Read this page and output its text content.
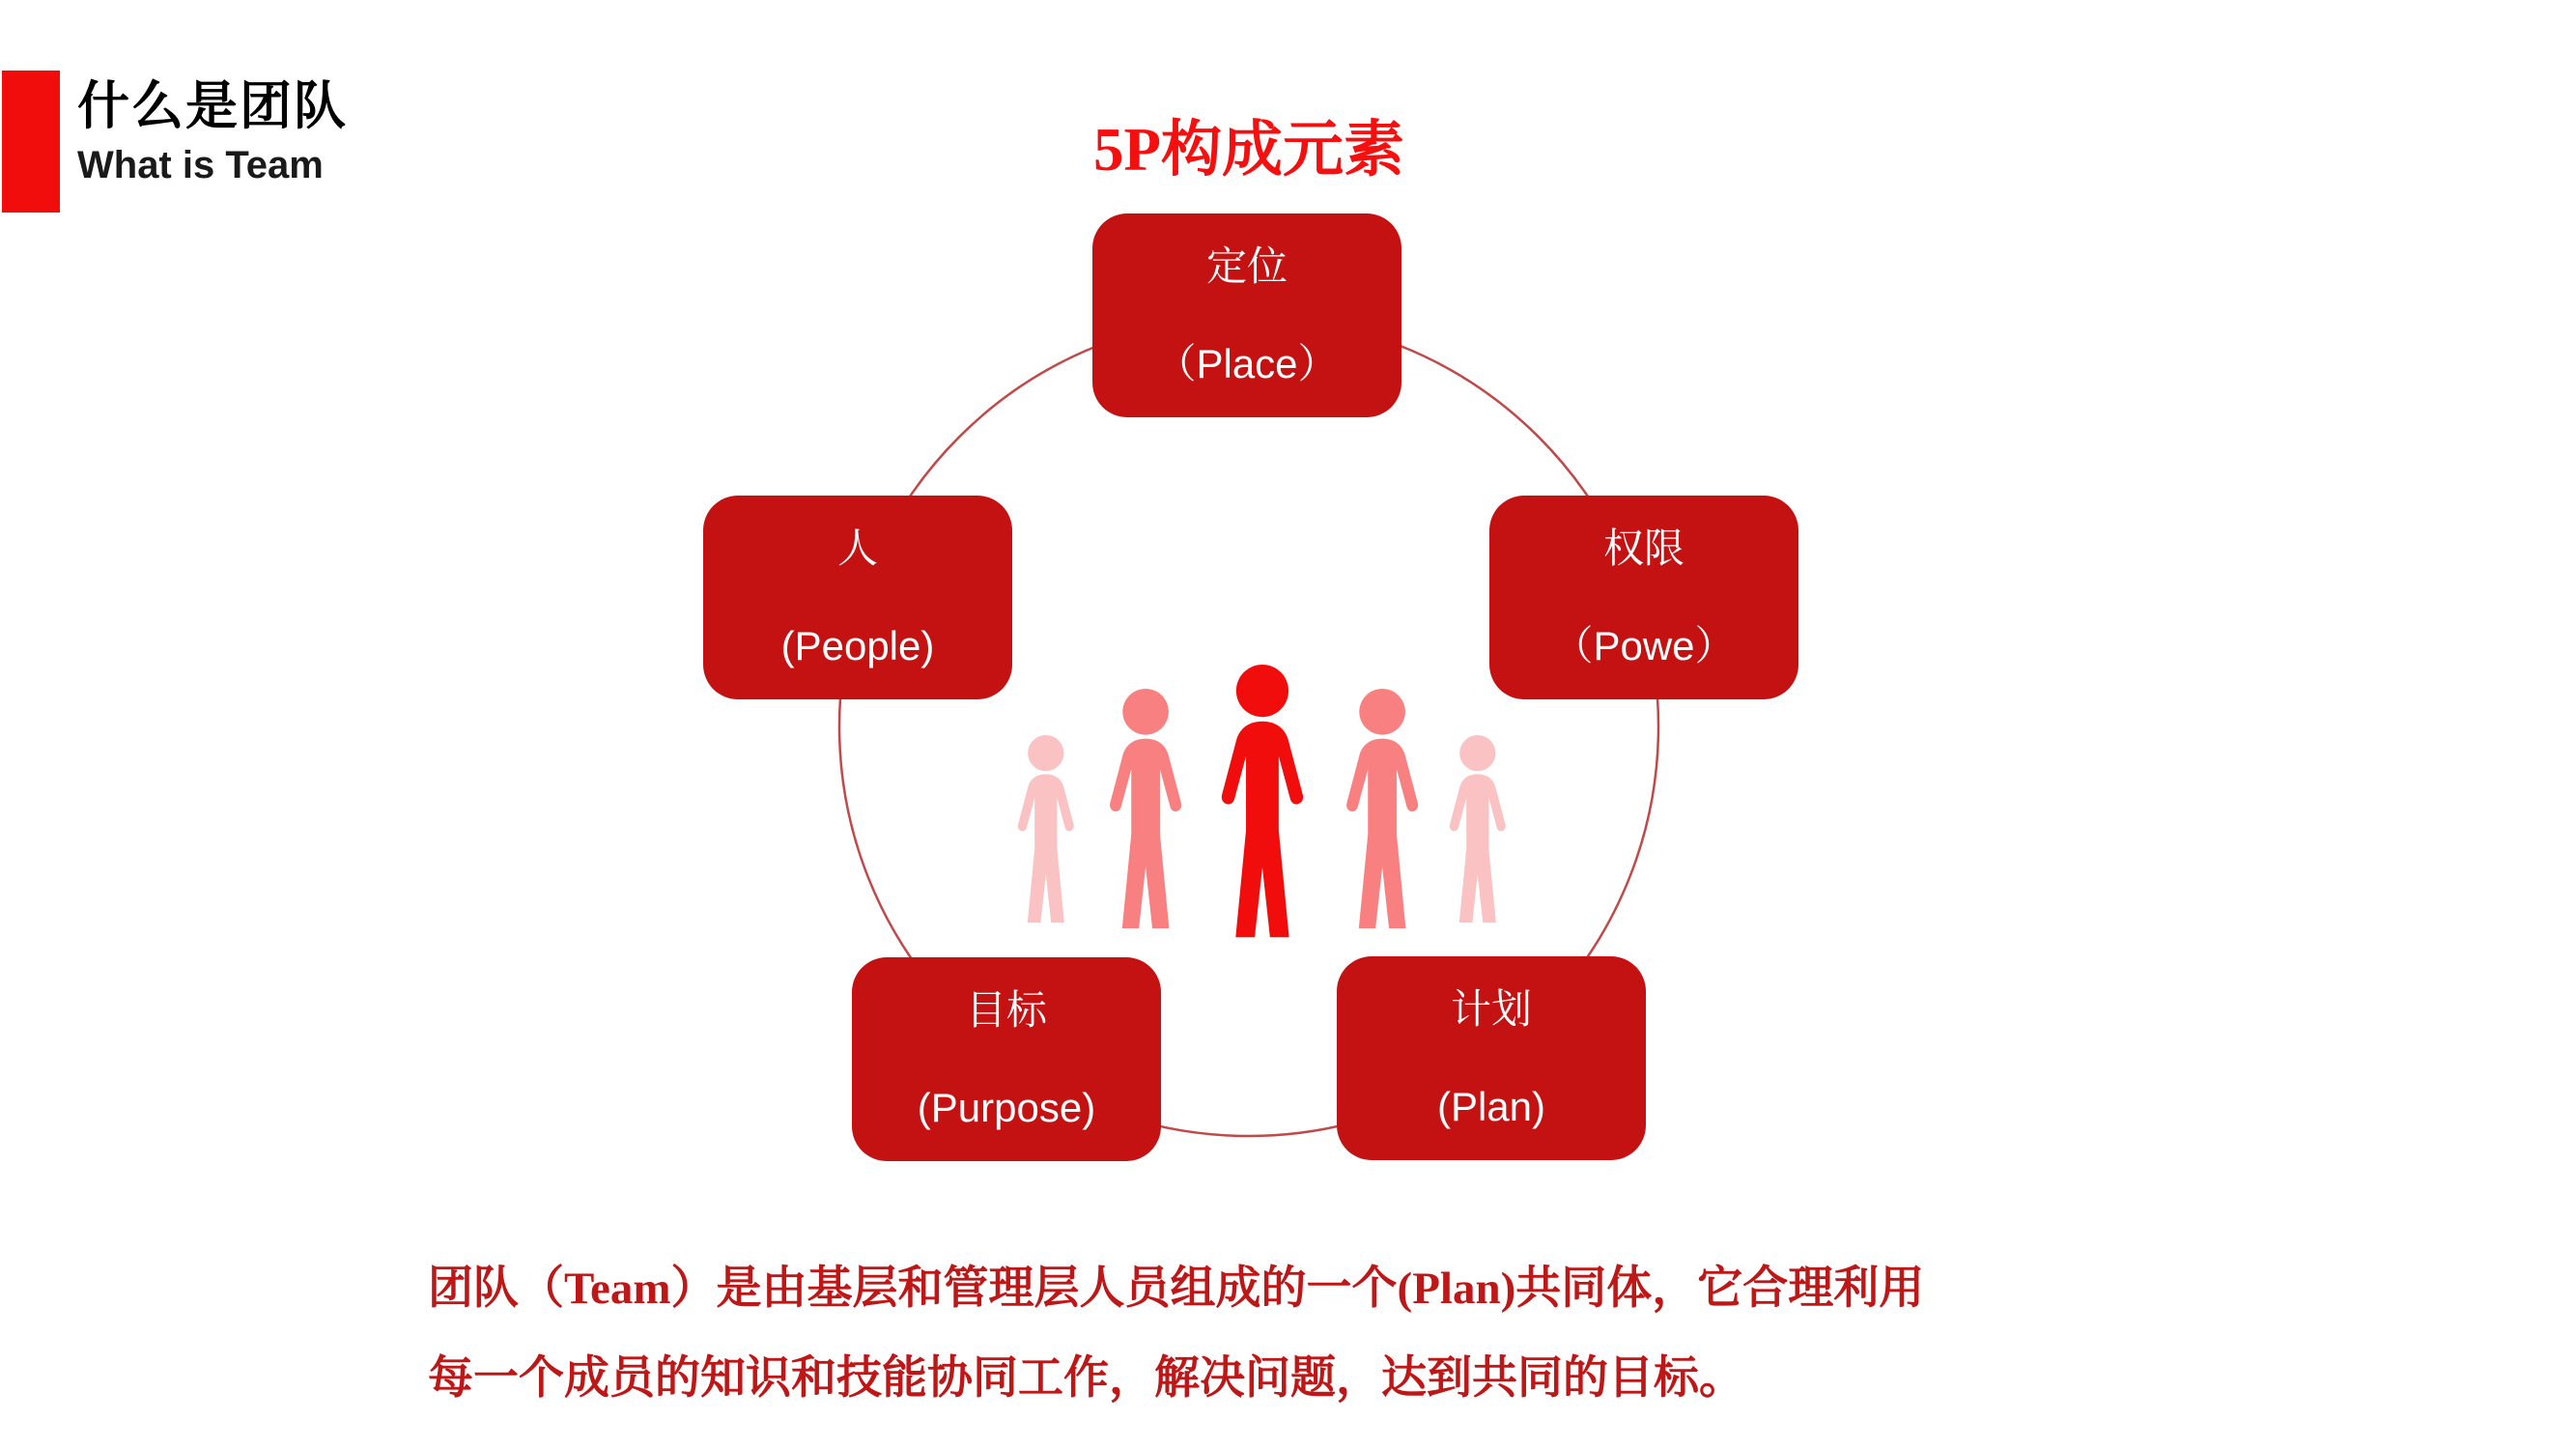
什么是团队
What is Team	5P构成元素
定位
（Place）
人
(People)
权限
（Powe）
目标
(Purpose)
计划
(Plan)
团队（Team）是由基层和管理层人员组成的一个(Plan)共同体，它合理利用
每一个成员的知识和技能协同工作，解决问题，达到共同的目标。
